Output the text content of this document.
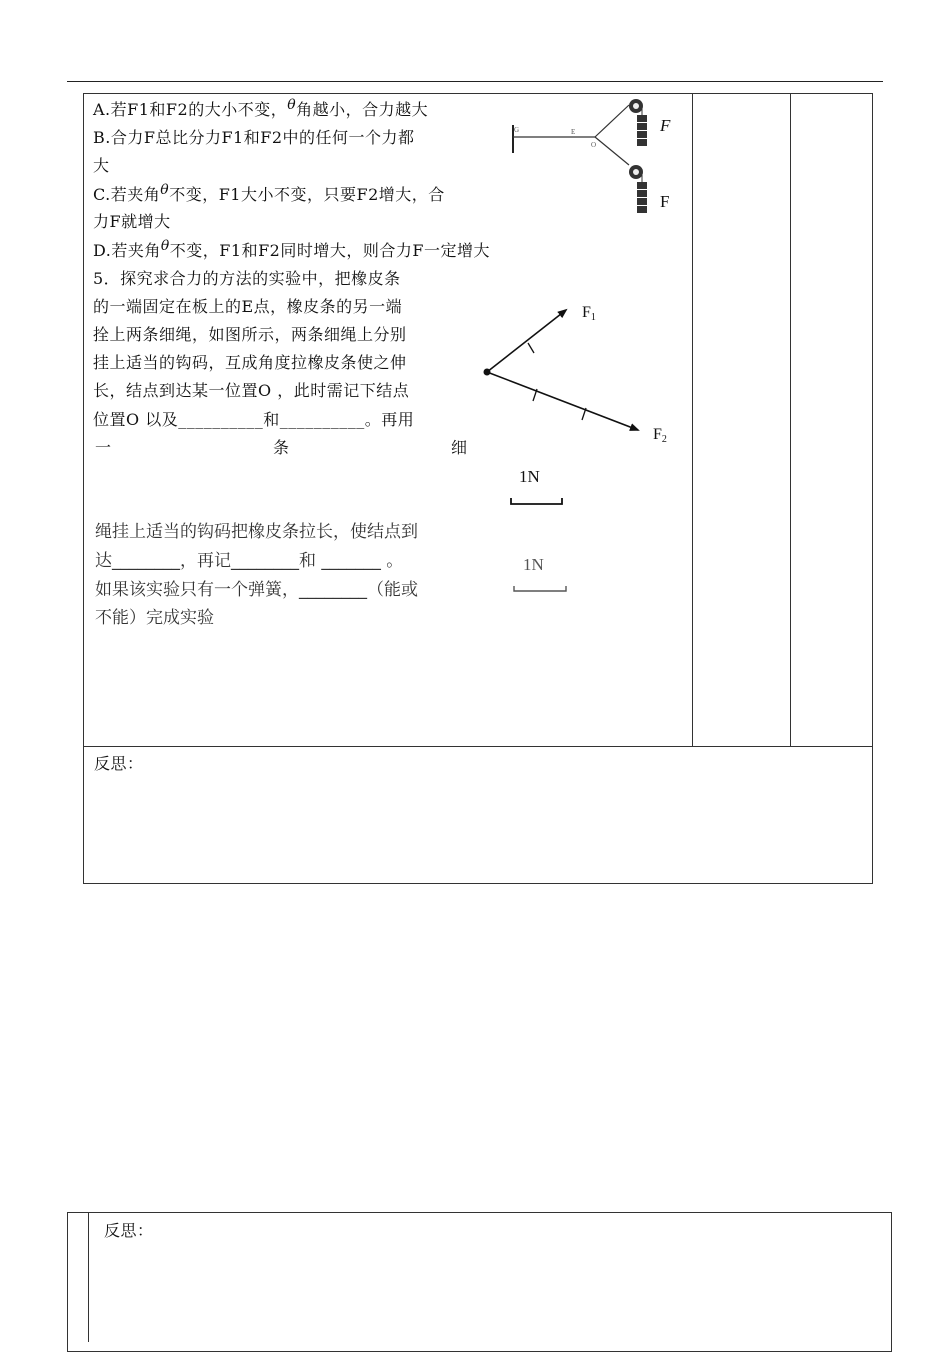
A.若F1和F2的大小不变，θ角越小，合力越大
B.合力F总比分力F1和F2中的任何一个力都
大
C.若夹角θ不变，F1大小不变，只要F2增大，合
力F就增大
D.若夹角θ不变，F1和F2同时增大，则合力F一定增大
G	E
O
F
F
5．探究求合力的方法的实验中，把橡皮条
的一端固定在板上的E点，橡皮条的另一端
拴上两条细绳，如图所示，两条细绳上分别
挂上适当的钩码，互成角度拉橡皮条使之伸
长，结点到达某一位置O ，此时需记下结点
位置O 以及__________和__________。再用
一	条	细
绳挂上适当的钩码把橡皮条拉长，使结点到
达________，再记________和 _______ 。
如果该实验只有一个弹簧，________（能或
不能）完成实验
F1
F2
1N
1N
反思：
反思：
